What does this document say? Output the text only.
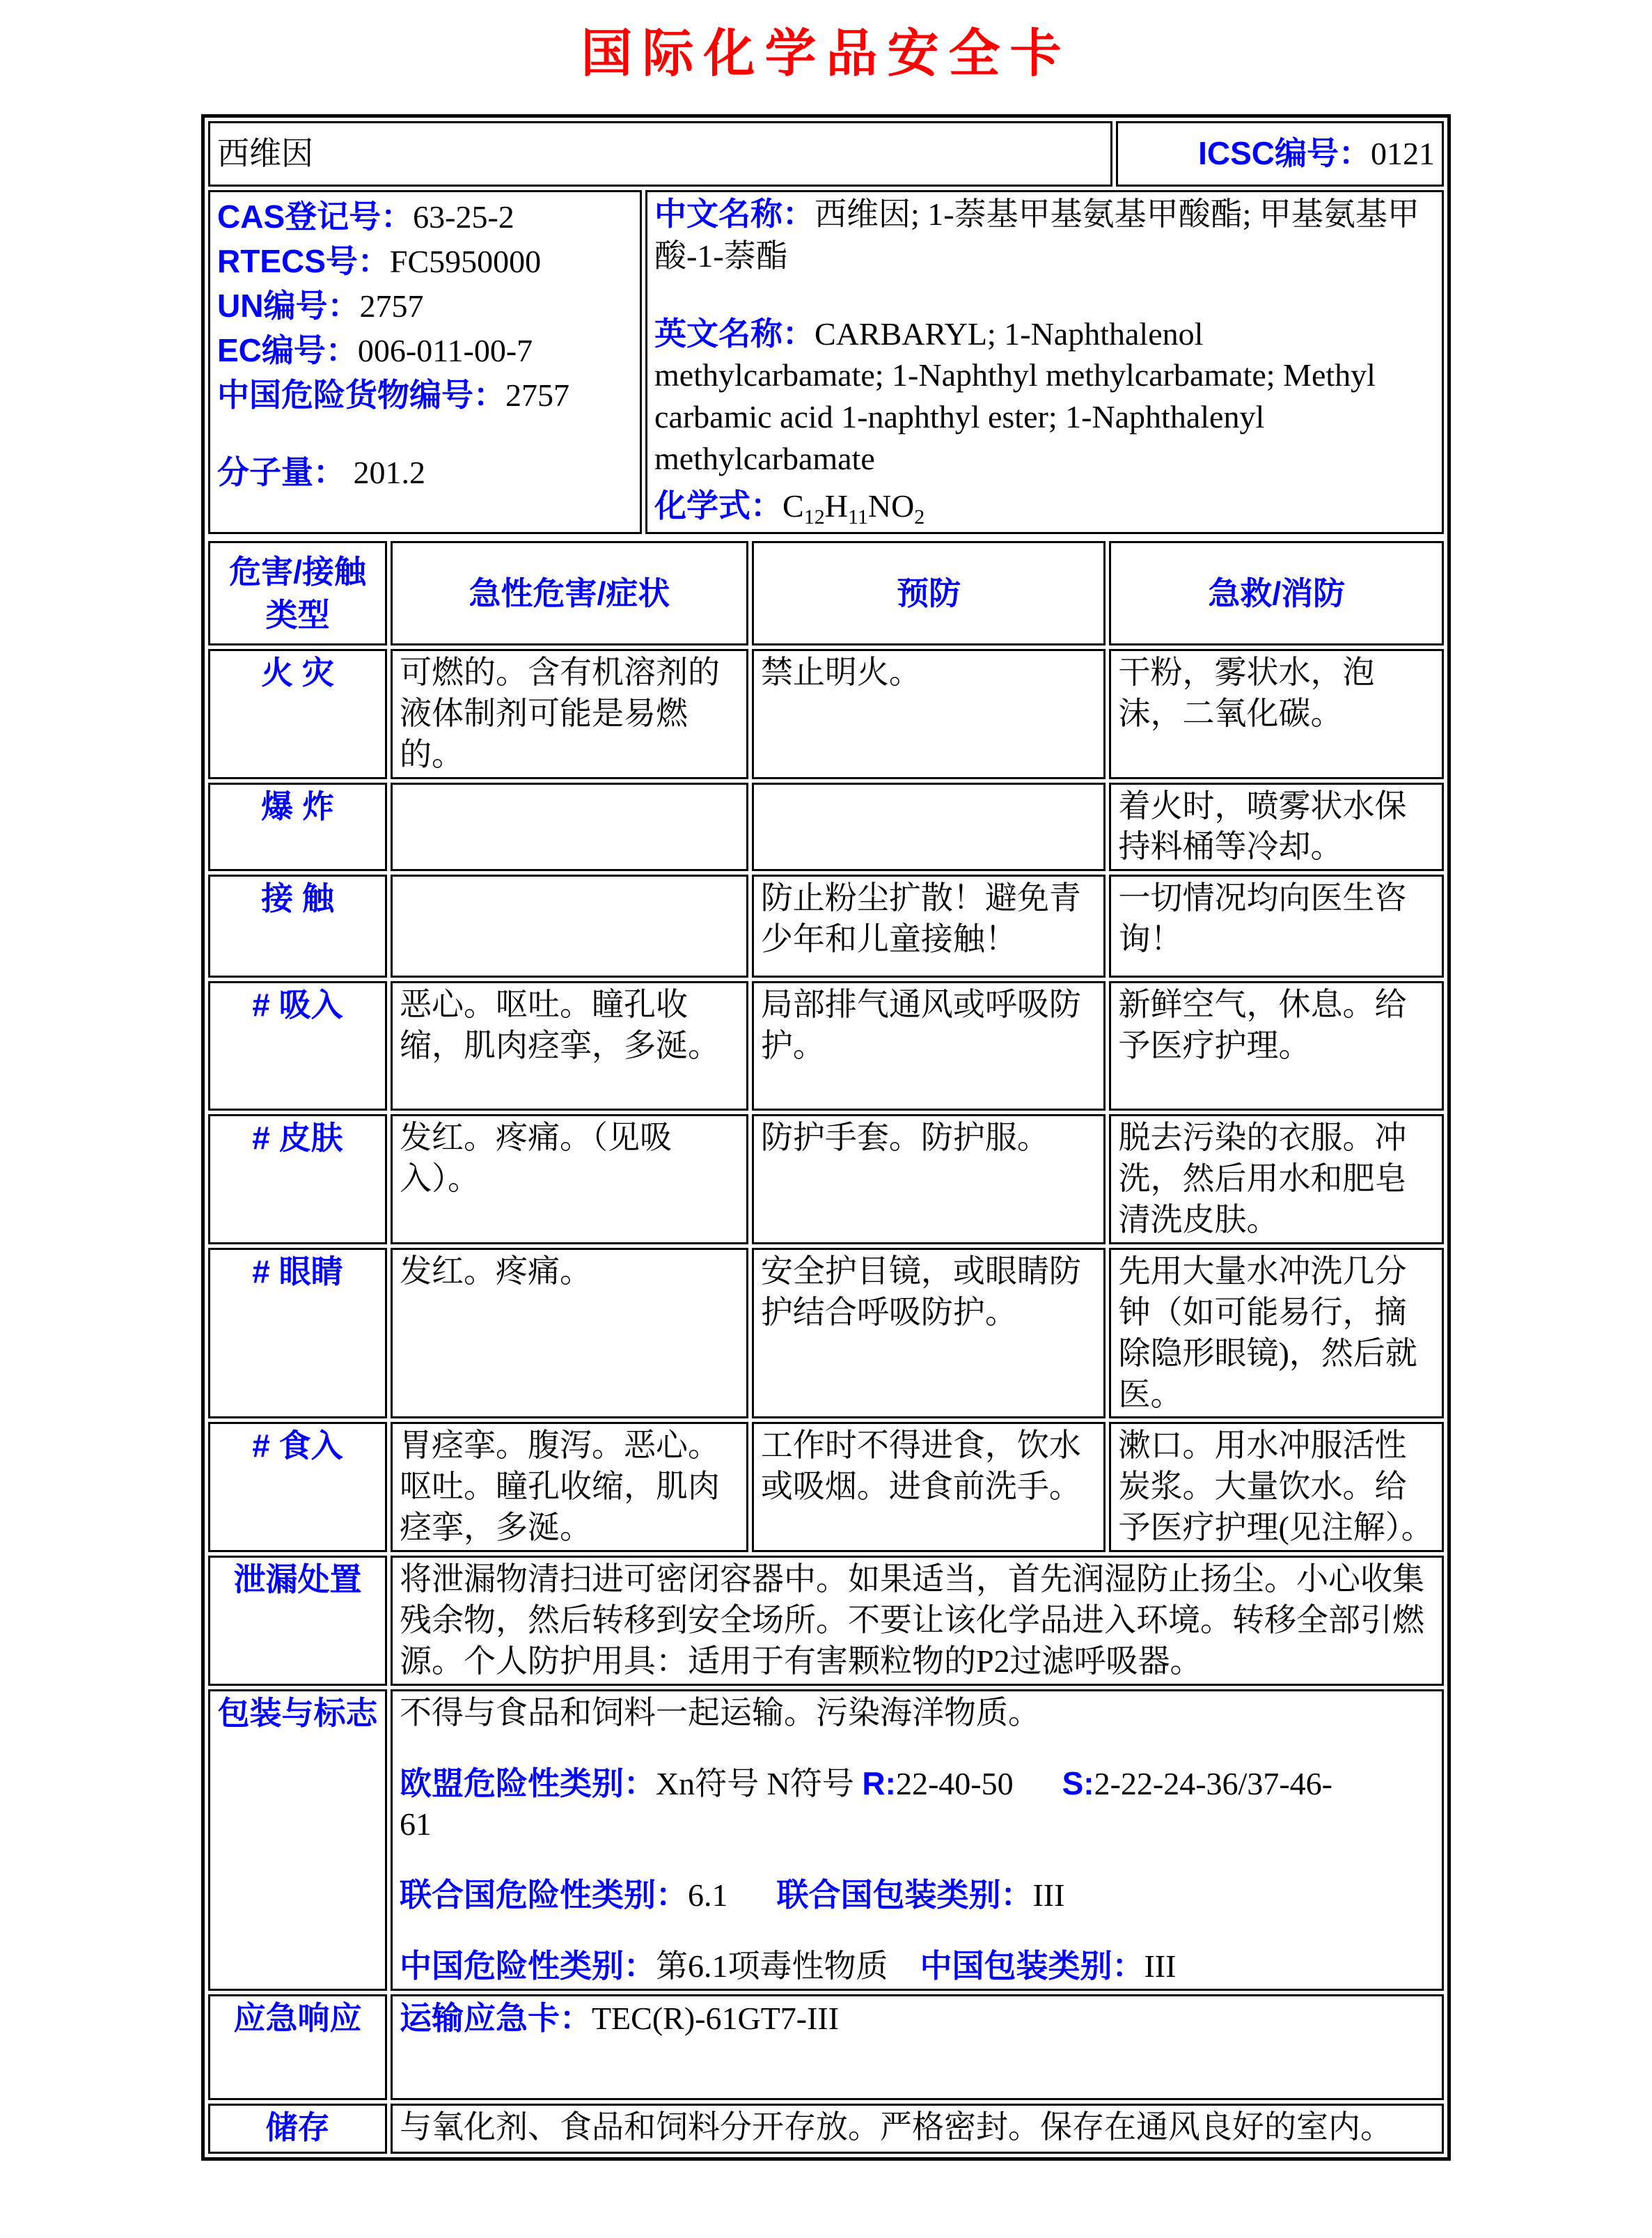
国际化学品安全卡
西维因		ICSC编号：0121

CAS登记号：63-25-2
RTECS号：FC5950000
UN编号：2757
EC编号：006-011-00-7
中国危险货物编号：2757
分子量： 201.2

中文名称：西维因; 1-萘基甲基氨基甲酸酯; 甲基氨基甲酸-1-萘酯

英文名称：CARBARYL; 1-Naphthalenol methylcarbamate; 1-Naphthyl methylcarbamate; Methyl carbamic acid 1-naphthyl ester; 1-Naphthalenyl methylcarbamate

化学式：$C_{12}H_{11}NO_2$

危害/接触
类型	急性危害/症状	预防	急救/消防
火 灾	可燃的。含有机溶剂的液体制剂可能是易燃的。	禁止明火。	干粉，雾状水，泡沫，二氧化碳。
爆 炸			着火时，喷雾状水保持料桶等冷却。
接 触		防止粉尘扩散！避免青少年和儿童接触！	一切情况均向医生咨询！
# 吸入	恶心。呕吐。瞳孔收缩，肌肉痉挛，多涎。	局部排气通风或呼吸防护。	新鲜空气，休息。给予医疗护理。
# 皮肤	发红。疼痛。（见吸入）。	防护手套。防护服。	脱去污染的衣服。冲洗，然后用水和肥皂清洗皮肤。
# 眼睛	发红。疼痛。	安全护目镜，或眼睛防护结合呼吸防护。	先用大量水冲洗几分钟（如可能易行，摘除隐形眼镜)，然后就医。
# 食入	胃痉挛。腹泻。恶心。呕吐。瞳孔收缩，肌肉痉挛，多涎。	工作时不得进食，饮水或吸烟。进食前洗手。	漱口。用水冲服活性炭浆。大量饮水。给予医疗护理(见注解）。
泄漏处置	将泄漏物清扫进可密闭容器中。如果适当，首先润湿防止扬尘。小心收集残余物，然后转移到安全场所。不要让该化学品进入环境。转移全部引燃源。个人防护用具：适用于有害颗粒物的P2过滤呼吸器。		
包装与标志	不得与食品和饲料一起运输。污染海洋物质。

欧盟危险性类别：Xn符号 N符号 R:22-40-50 S:2-22-24-36/37-46-
61

联合国危险性类别：6.1 联合国包装类别：III

中国危险性类别：第6.1项毒性物质 中国包装类别：III		

应急响应	运输应急卡：TEC(R)-61GT7-III		
储存	与氧化剂、食品和饲料分开存放。严格密封。保存在通风良好的室内。		
